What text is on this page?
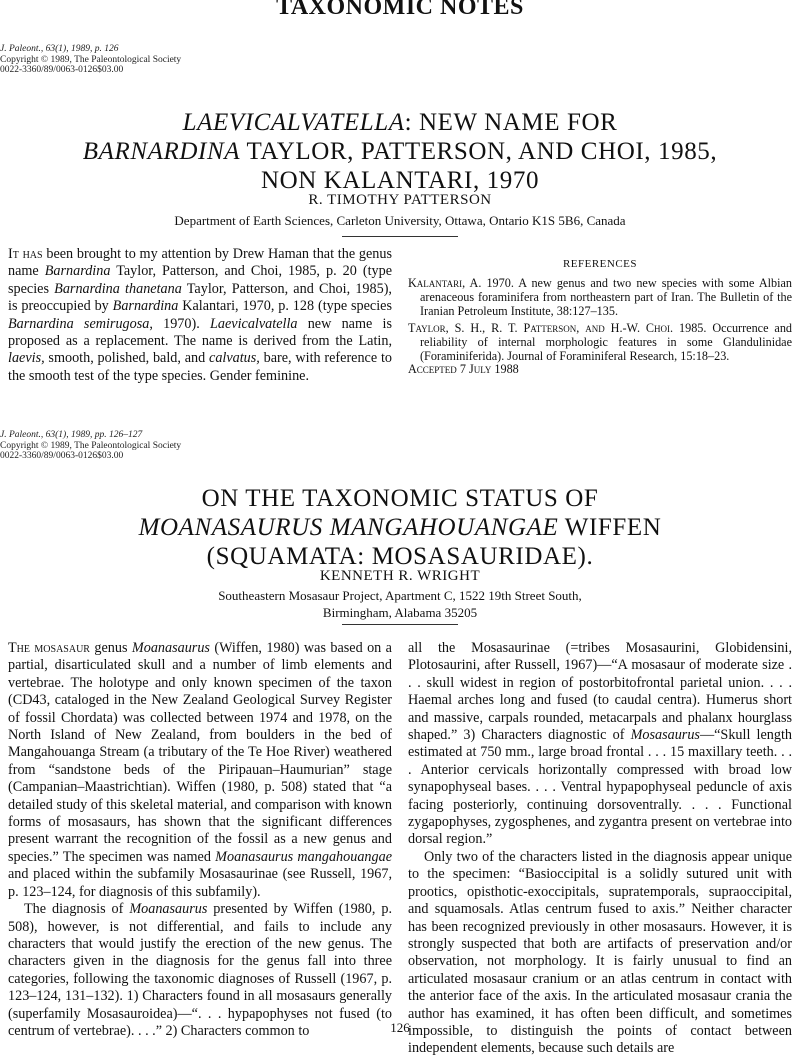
TAXONOMIC NOTES
J. Paleont., 63(1), 1989, p. 126
Copyright © 1989, The Paleontological Society
0022-3360/89/0063-0126$03.00
LAEVICALVATELLA: NEW NAME FOR
BARNARDINA TAYLOR, PATTERSON, AND CHOI, 1985,
NON KALANTARI, 1970
R. TIMOTHY PATTERSON
Department of Earth Sciences, Carleton University, Ottawa, Ontario K1S 5B6, Canada

It has been brought to my attention by Drew Haman that the genus name Barnardina Taylor, Patterson, and Choi, 1985, p. 20 (type species Barnardina thanetana Taylor, Patterson, and Choi, 1985), is preoccupied by Barnardina Kalantari, 1970, p. 128 (type species Barnardina semirugosa, 1970). Laevicalvatella new name is proposed as a replacement. The name is derived from the Latin, laevis, smooth, polished, bald, and calvatus, bare, with reference to the smooth test of the type species. Gender feminine.

REFERENCES

Kalantari, A. 1970. A new genus and two new species with some Albian arenaceous foraminifera from northeastern part of Iran. The Bulletin of the Iranian Petroleum Institute, 38:127–135.

Taylor, S. H., R. T. Patterson, and H.-W. Choi. 1985. Occurrence and reliability of internal morphologic features in some Glandulinidae (Foraminiferida). Journal of Foraminiferal Research, 15:18–23.

Accepted 7 July 1988
J. Paleont., 63(1), 1989, pp. 126–127
Copyright © 1989, The Paleontological Society
0022-3360/89/0063-0126$03.00
ON THE TAXONOMIC STATUS OF
MOANASAURUS MANGAHOUANGAE WIFFEN
(SQUAMATA: MOSASAURIDAE).
KENNETH R. WRIGHT
Southeastern Mosasaur Project, Apartment C, 1522 19th Street South,
Birmingham, Alabama 35205

The mosasaur genus Moanasaurus (Wiffen, 1980) was based on a partial, disarticulated skull and a number of limb elements and vertebrae. The holotype and only known specimen of the taxon (CD43, cataloged in the New Zealand Geological Survey Register of fossil Chordata) was collected between 1974 and 1978, on the North Island of New Zealand, from boulders in the bed of Mangahouanga Stream (a tributary of the Te Hoe River) weathered from “sandstone beds of the Piripauan–Haumurian” stage (Campanian–Maastrichtian). Wiffen (1980, p. 508) stated that “a detailed study of this skeletal material, and comparison with known forms of mosasaurs, has shown that the significant differences present warrant the recognition of the fossil as a new genus and species.” The specimen was named Moanasaurus mangahouangae and placed within the subfamily Mosasaurinae (see Russell, 1967, p. 123–124, for diagnosis of this subfamily).

The diagnosis of Moanasaurus presented by Wiffen (1980, p. 508), however, is not differential, and fails to include any characters that would justify the erection of the new genus. The characters given in the diagnosis for the genus fall into three categories, following the taxonomic diagnoses of Russell (1967, p. 123–124, 131–132). 1) Characters found in all mosasaurs generally (superfamily Mosasauroidea)—“. . . hypapophyses not fused (to centrum of vertebrae). . . .” 2) Characters common to

all the Mosasaurinae (=tribes Mosasaurini, Globidensini, Plotosaurini, after Russell, 1967)—“A mosasaur of moderate size . . . skull widest in region of postorbitofrontal parietal union. . . . Haemal arches long and fused (to caudal centra). Humerus short and massive, carpals rounded, metacarpals and phalanx hourglass shaped.” 3) Characters diagnostic of Mosasaurus—“Skull length estimated at 750 mm., large broad frontal . . . 15 maxillary teeth. . . . Anterior cervicals horizontally compressed with broad low synapophyseal bases. . . . Ventral hypapophyseal peduncle of axis facing posteriorly, continuing dorsoventrally. . . . Functional zygapophyses, zygosphenes, and zygantra present on vertebrae into dorsal region.”

Only two of the characters listed in the diagnosis appear unique to the specimen: “Basioccipital is a solidly sutured unit with prootics, opisthotic-exoccipitals, supratemporals, supraoccipital, and squamosals. Atlas centrum fused to axis.” Neither character has been recognized previously in other mosasaurs. However, it is strongly suspected that both are artifacts of preservation and/or observation, not morphology. It is fairly unusual to find an articulated mosasaur cranium or an atlas centrum in contact with the anterior face of the axis. In the articulated mosasaur crania the author has examined, it has often been difficult, and sometimes impossible, to distinguish the points of contact between independent elements, because such details are

126
